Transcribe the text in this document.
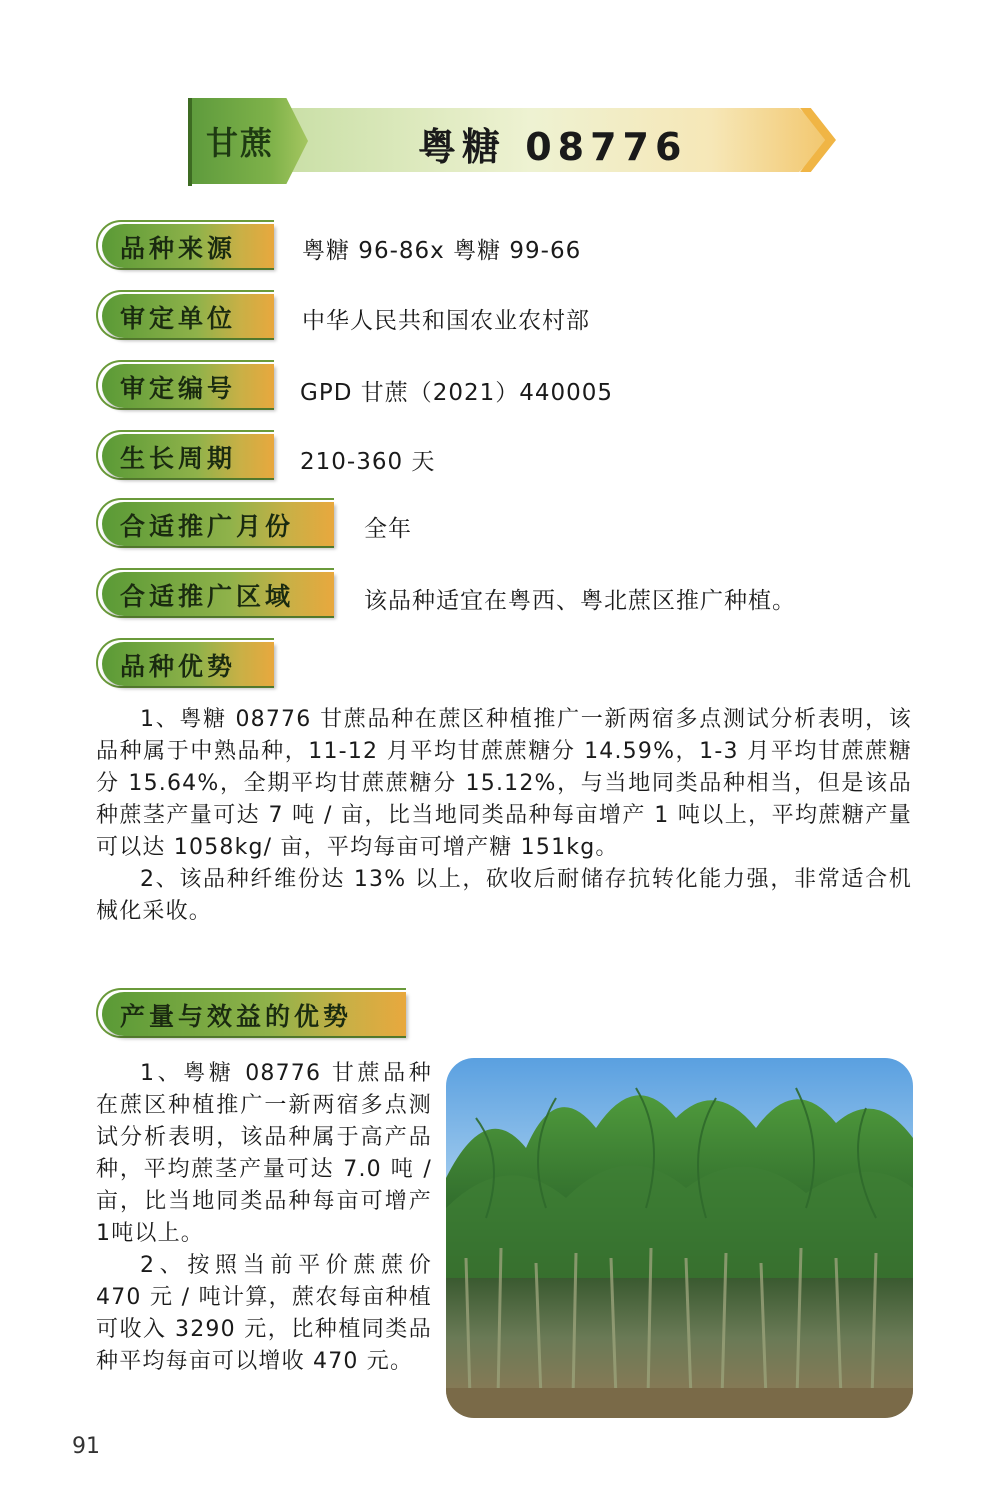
甘蔗	粤糖 08776
品种来源	粤糖 96-86x 粤糖 99-66
审定单位	中华人民共和国农业农村部
审定编号	GPD 甘蔗（2021）440005
生长周期	210-360 天
合适推广月份	全年
合适推广区域	该品种适宜在粤西、粤北蔗区推广种植。
品种优势

1、粤糖 08776 甘蔗品种在蔗区种植推广一新两宿多点测试分析表明，该品种属于中熟品种，11-12 月平均甘蔗蔗糖分 14.59%，1-3 月平均甘蔗蔗糖分 15.64%，全期平均甘蔗蔗糖分 15.12%，与当地同类品种相当，但是该品种蔗茎产量可达 7 吨 / 亩，比当地同类品种每亩增产 1 吨以上，平均蔗糖产量可以达 1058kg/ 亩，平均每亩可增产糖 151kg。

2、该品种纤维份达 13% 以上，砍收后耐储存抗转化能力强，非常适合机械化采收。

产量与效益的优势

1、粤糖 08776 甘蔗品种在蔗区种植推广一新两宿多点测试分析表明，该品种属于高产品种，平均蔗茎产量可达 7.0 吨 / 亩，比当地同类品种每亩可增产1吨以上。

2、按照当前平价蔗蔗价 470 元 / 吨计算，蔗农每亩种植可收入 3290 元，比种植同类品种平均每亩可以增收 470 元。

91
